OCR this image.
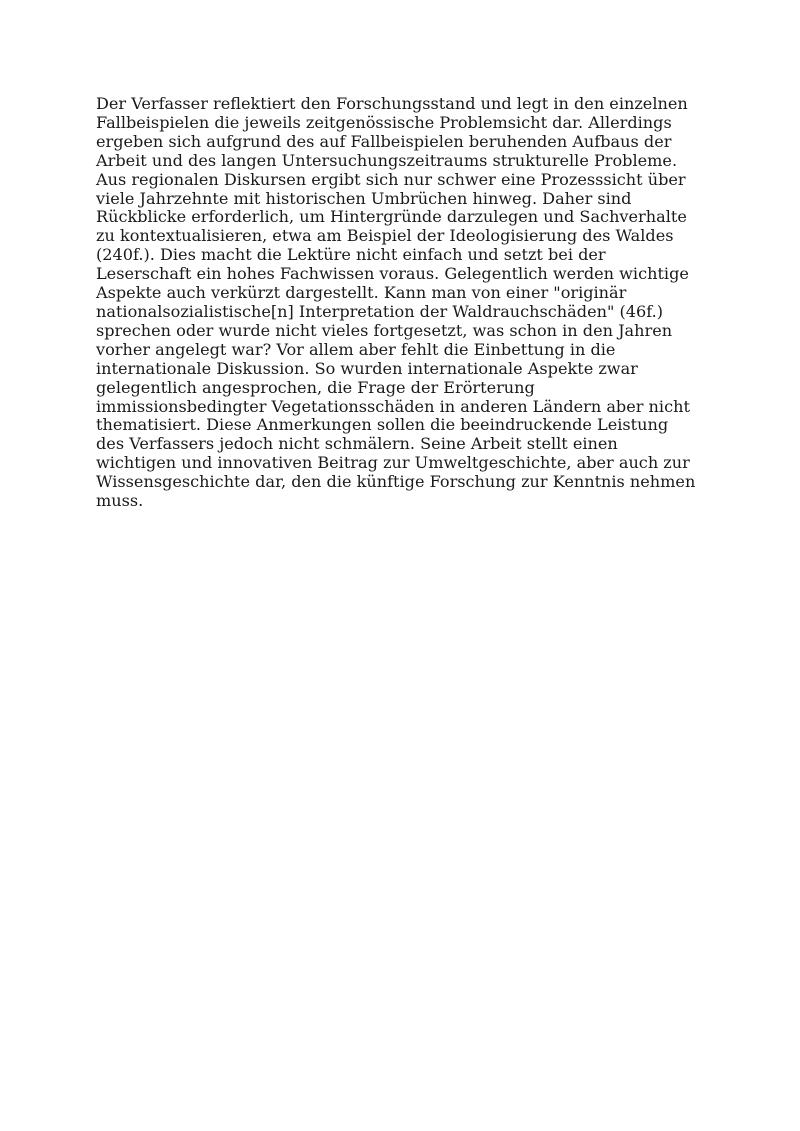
Der Verfasser reflektiert den Forschungsstand und legt in den einzelnen
Fallbeispielen die jeweils zeitgenössische Problemsicht dar. Allerdings
ergeben sich aufgrund des auf Fallbeispielen beruhenden Aufbaus der
Arbeit und des langen Untersuchungszeitraums strukturelle Probleme.
Aus regionalen Diskursen ergibt sich nur schwer eine Prozesssicht über
viele Jahrzehnte mit historischen Umbrüchen hinweg. Daher sind
Rückblicke erforderlich, um Hintergründe darzulegen und Sachverhalte
zu kontextualisieren, etwa am Beispiel der Ideologisierung des Waldes
(240f.). Dies macht die Lektüre nicht einfach und setzt bei der
Leserschaft ein hohes Fachwissen voraus. Gelegentlich werden wichtige
Aspekte auch verkürzt dargestellt. Kann man von einer "originär
nationalsozialistische[n] Interpretation der Waldrauchschäden" (46f.)
sprechen oder wurde nicht vieles fortgesetzt, was schon in den Jahren
vorher angelegt war? Vor allem aber fehlt die Einbettung in die
internationale Diskussion. So wurden internationale Aspekte zwar
gelegentlich angesprochen, die Frage der Erörterung
immissionsbedingter Vegetationsschäden in anderen Ländern aber nicht
thematisiert. Diese Anmerkungen sollen die beeindruckende Leistung
des Verfassers jedoch nicht schmälern. Seine Arbeit stellt einen
wichtigen und innovativen Beitrag zur Umweltgeschichte, aber auch zur
Wissensgeschichte dar, den die künftige Forschung zur Kenntnis nehmen
muss.
